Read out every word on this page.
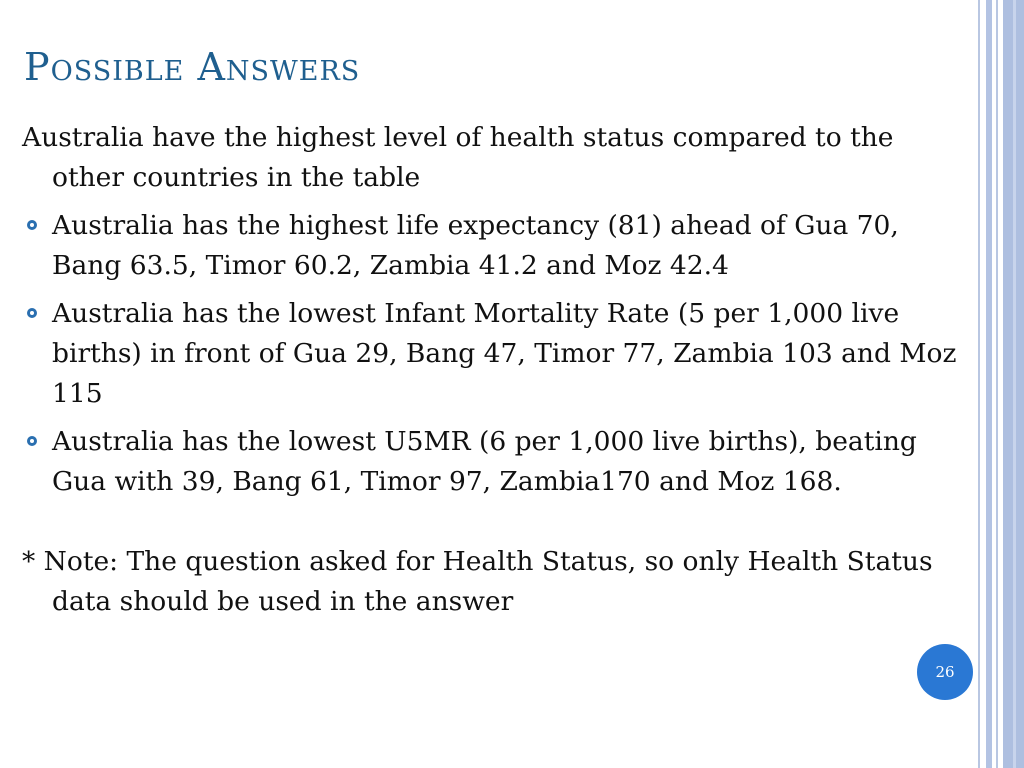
Possible Answers

Australia have the highest level of health status compared to the other countries in the table

Australia has the highest life expectancy (81) ahead of Gua 70, Bang 63.5, Timor 60.2, Zambia 41.2 and Moz 42.4
Australia has the lowest Infant Mortality Rate (5 per 1,000 live births) in front of Gua 29, Bang 47, Timor 77, Zambia 103 and Moz 115
Australia has the lowest U5MR (6 per 1,000 live births), beating Gua with 39, Bang 61, Timor 97, Zambia170 and Moz 168.

* Note: The question asked for Health Status, so only Health Status data should be used in the answer

26
